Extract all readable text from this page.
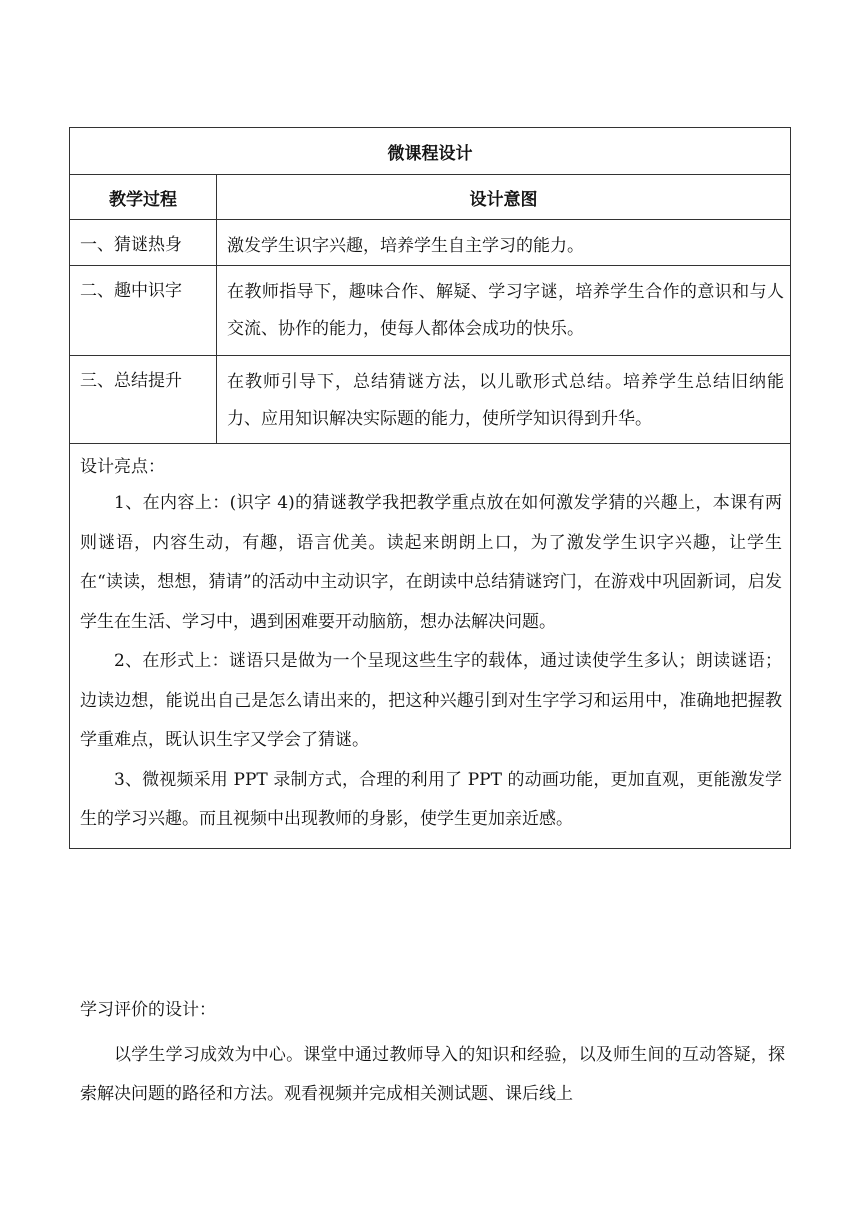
微课程设计	
教学过程	设计意图
一、猜谜热身	激发学生识字兴趣，培养学生自主学习的能力。
二、趣中识字	在教师指导下，趣味合作、解疑、学习字谜，培养学生合作的意识和与人交流、协作的能力，使每人都体会成功的快乐。
三、总结提升	在教师引导下，总结猜谜方法，以儿歌形式总结。培养学生总结旧纳能力、应用知识解决实际题的能力，使所学知识得到升华。

设计亮点：

1、在内容上：(识字 4)的猜谜教学我把教学重点放在如何激发学猜的兴趣上，本课有两则谜语，内容生动，有趣，语言优美。读起来朗朗上口，为了激发学生识字兴趣，让学生在“读读，想想，猜请”的活动中主动识字，在朗读中总结猜谜窍门，在游戏中巩固新词，启发学生在生活、学习中，遇到困难要开动脑筋，想办法解决问题。

2、在形式上：谜语只是做为一个呈现这些生字的载体，通过读使学生多认；朗读谜语；边读边想，能说出自己是怎么请出来的，把这种兴趣引到对生字学习和运用中，准确地把握教学重难点，既认识生字又学会了猜谜。

3、微视频采用 PPT 录制方式，合理的利用了 PPT 的动画功能，更加直观，更能激发学生的学习兴趣。而且视频中出现教师的身影，使学生更加亲近感。	

学习评价的设计：

以学生学习成效为中心。课堂中通过教师导入的知识和经验，以及师生间的互动答疑，探索解决问题的路径和方法。观看视频并完成相关测试题、课后线上
